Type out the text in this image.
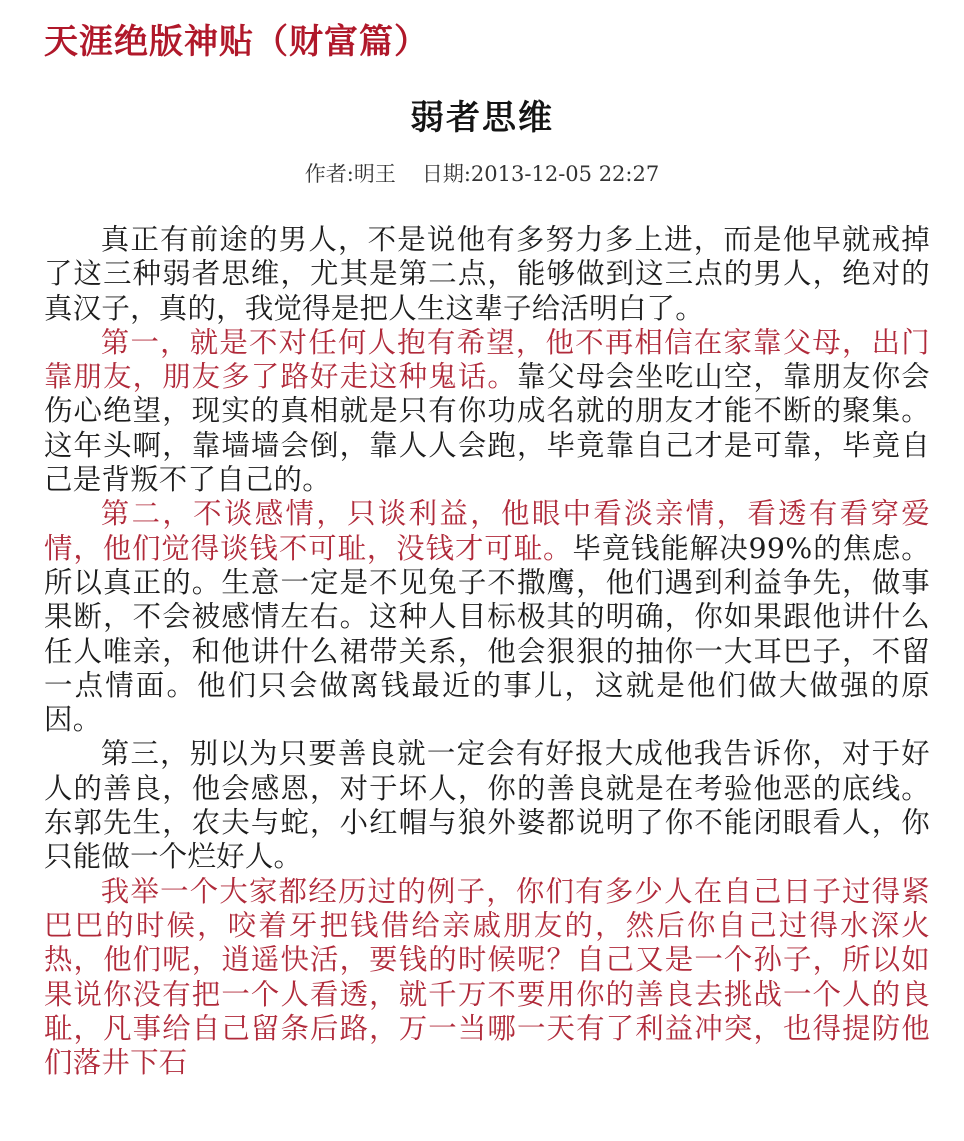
天涯绝版神贴（财富篇）
弱者思维
作者:明王 日期:2013-12-05 22:27

真正有前途的男人，不是说他有多努力多上进，而是他早就戒掉了这三种弱者思维，尤其是第二点，能够做到这三点的男人，绝对的真汉子，真的，我觉得是把人生这辈子给活明白了。

第一，就是不对任何人抱有希望，他不再相信在家靠父母，出门靠朋友，朋友多了路好走这种鬼话。靠父母会坐吃山空，靠朋友你会伤心绝望，现实的真相就是只有你功成名就的朋友才能不断的聚集。这年头啊，靠墙墙会倒，靠人人会跑，毕竟靠自己才是可靠，毕竟自己是背叛不了自己的。

第二，不谈感情，只谈利益，他眼中看淡亲情，看透有看穿爱情，他们觉得谈钱不可耻，没钱才可耻。毕竟钱能解决99%的焦虑。所以真正的。生意一定是不见兔子不撒鹰，他们遇到利益争先，做事果断，不会被感情左右。这种人目标极其的明确，你如果跟他讲什么任人唯亲，和他讲什么裙带关系，他会狠狠的抽你一大耳巴子，不留一点情面。他们只会做离钱最近的事儿，这就是他们做大做强的原因。

第三，别以为只要善良就一定会有好报大成他我告诉你，对于好人的善良，他会感恩，对于坏人，你的善良就是在考验他恶的底线。东郭先生，农夫与蛇，小红帽与狼外婆都说明了你不能闭眼看人，你只能做一个烂好人。

我举一个大家都经历过的例子，你们有多少人在自己日子过得紧巴巴的时候，咬着牙把钱借给亲戚朋友的，然后你自己过得水深火热，他们呢，逍遥快活，要钱的时候呢？自己又是一个孙子，所以如果说你没有把一个人看透，就千万不要用你的善良去挑战一个人的良耻，凡事给自己留条后路，万一当哪一天有了利益冲突，也得提防他们落井下石
